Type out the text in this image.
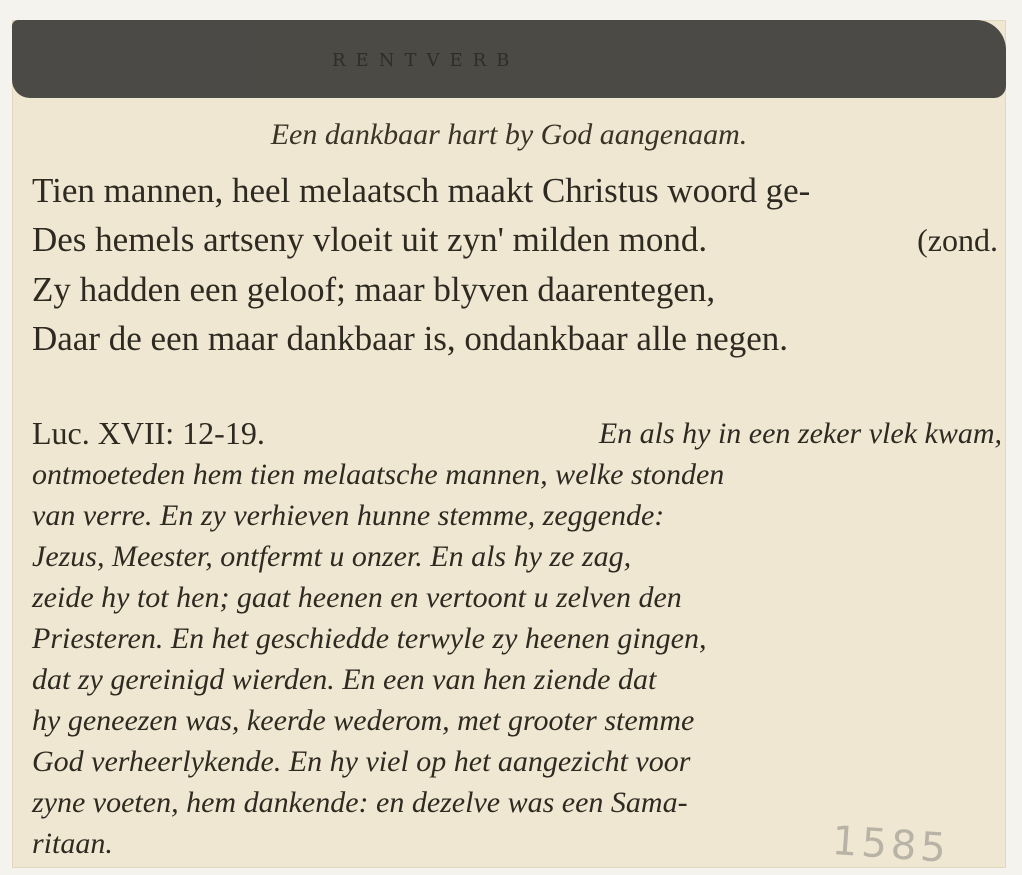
RENTVERB
Een dankbaar hart by God aangenaam.
Tien mannen, heel melaatsch maakt Christus woord ge-
Des hemels artseny vloeit uit zyn' milden mond.	(zond.
Zy hadden een geloof; maar blyven daarentegen,
Daar de een maar dankbaar is, ondankbaar alle negen.
Luc. XVII: 12-19.	En als hy in een zeker vlek kwam,
ontmoeteden hem tien melaatsche mannen, welke stonden
van verre. En zy verhieven hunne stemme, zeggende:
Jezus, Meester, ontfermt u onzer. En als hy ze zag,
zeide hy tot hen; gaat heenen en vertoont u zelven den
Priesteren. En het geschiedde terwyle zy heenen gingen,
dat zy gereinigd wierden. En een van hen ziende dat
hy geneezen was, keerde wederom, met grooter stemme
God verheerlykende. En hy viel op het aangezicht voor
zyne voeten, hem dankende: en dezelve was een Sama-
ritaan.	1585
